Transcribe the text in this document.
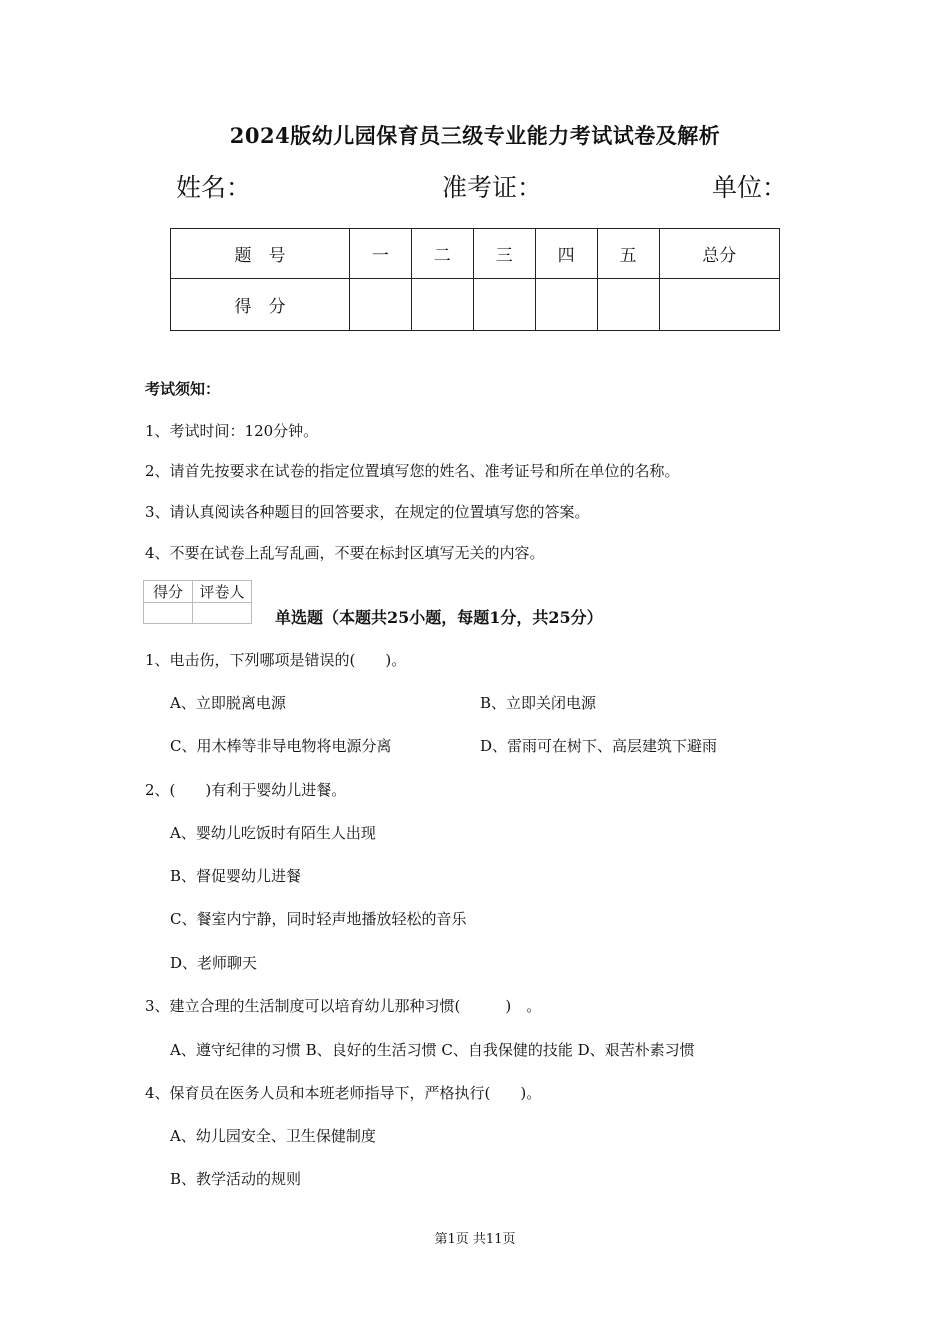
2024版幼儿园保育员三级专业能力考试试卷及解析
姓名：	准考证：	单位：
题　号	一	二	三	四	五	总分
得　分						
考试须知：
1、考试时间：120分钟。
2、请首先按要求在试卷的指定位置填写您的姓名、准考证号和所在单位的名称。
3、请认真阅读各种题目的回答要求，在规定的位置填写您的答案。
4、不要在试卷上乱写乱画，不要在标封区填写无关的内容。
得分	评卷人

单选题（本题共25小题，每题1分，共25分）
1、电击伤，下列哪项是错误的(　　)。
A、立即脱离电源	B、立即关闭电源
C、用木棒等非导电物将电源分离	D、雷雨可在树下、高层建筑下避雨
2、(　　)有利于婴幼儿进餐。
A、婴幼儿吃饭时有陌生人出现
B、督促婴幼儿进餐
C、餐室内宁静，同时轻声地播放轻松的音乐
D、老师聊天
3、建立合理的生活制度可以培育幼儿那种习惯(　　　)　。
A、遵守纪律的习惯 B、良好的生活习惯 C、自我保健的技能 D、艰苦朴素习惯
4、保育员在医务人员和本班老师指导下，严格执行(　　)。
A、幼儿园安全、卫生保健制度
B、教学活动的规则
第1页 共11页
